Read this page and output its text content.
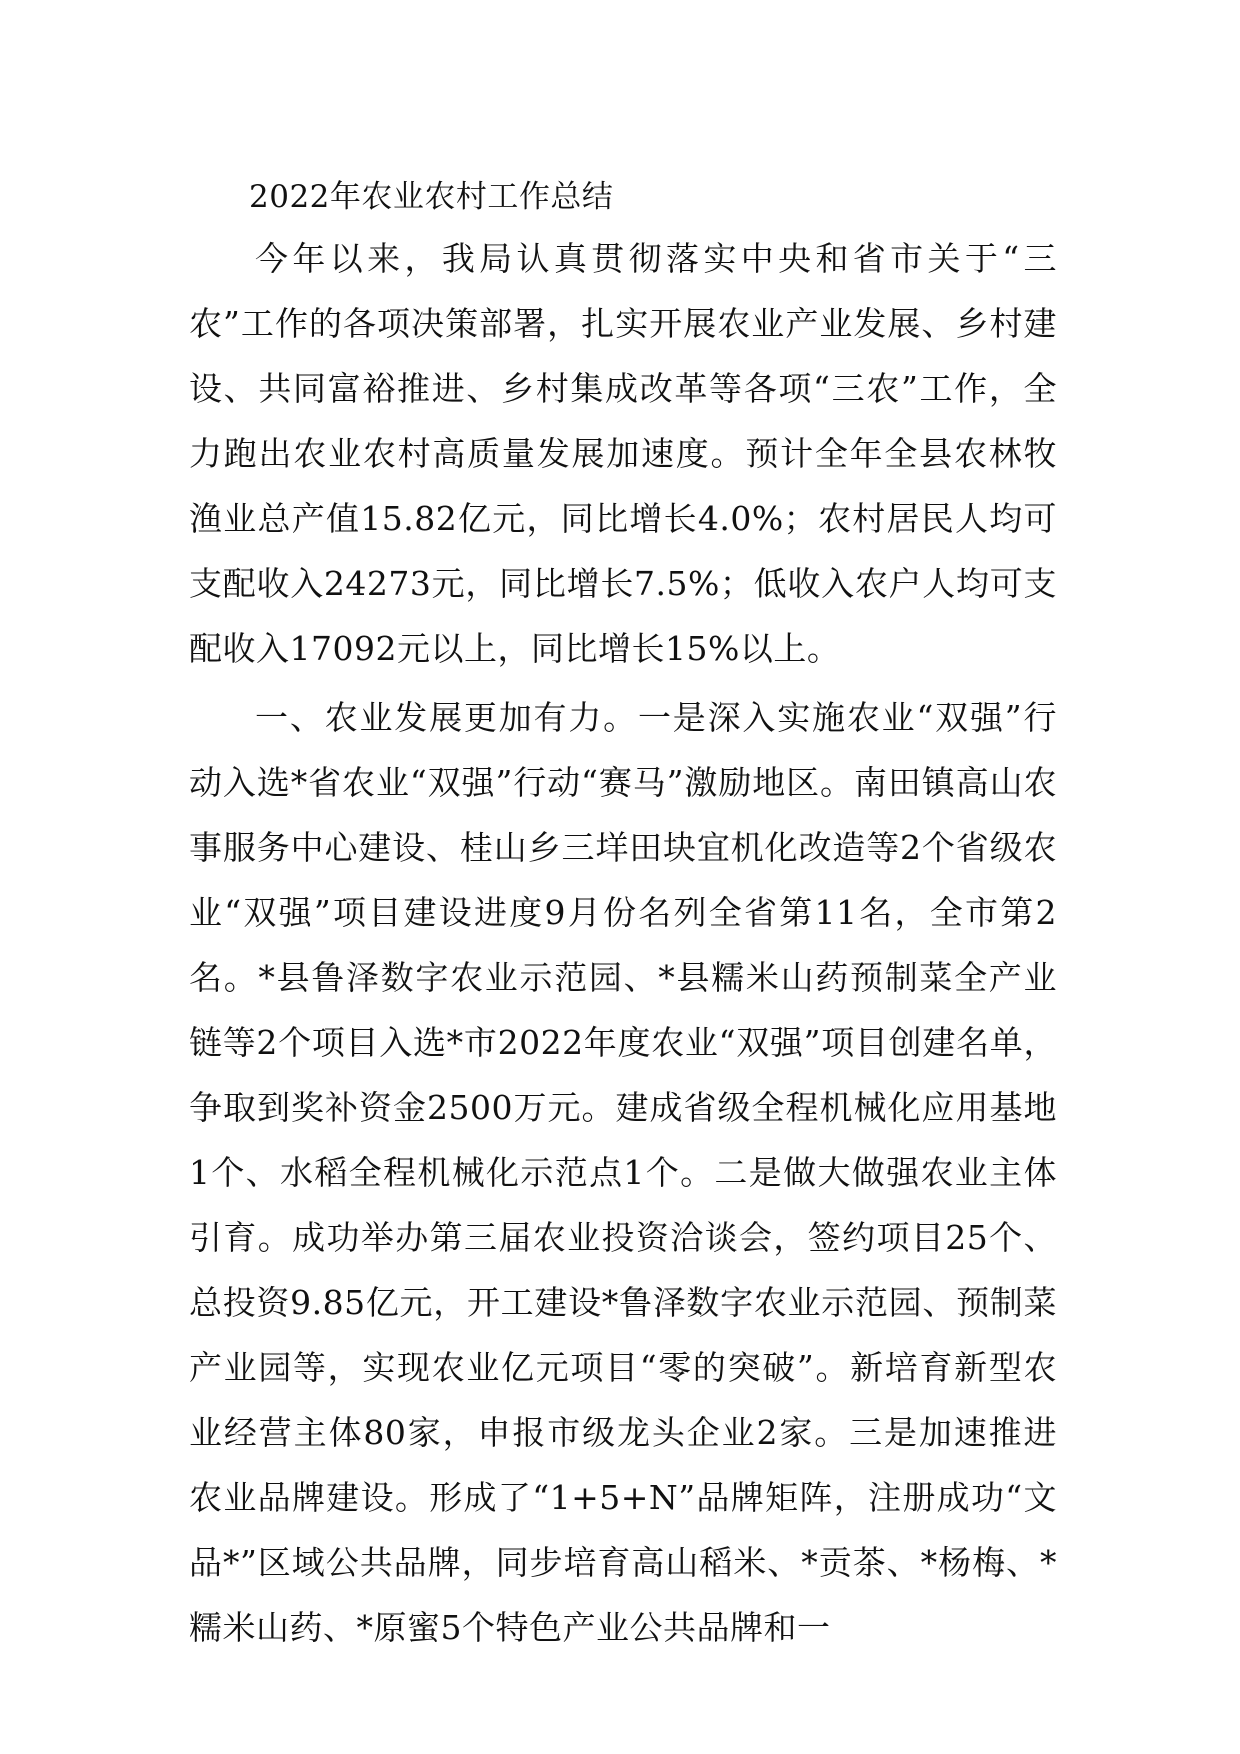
2022年农业农村工作总结

今年以来，我局认真贯彻落实中央和省市关于“三农”工作的各项决策部署，扎实开展农业产业发展、乡村建设、共同富裕推进、乡村集成改革等各项“三农”工作，全力跑出农业农村高质量发展加速度。预计全年全县农林牧渔业总产值15.82亿元，同比增长4.0%；农村居民人均可支配收入24273元，同比增长7.5%；低收入农户人均可支配收入17092元以上，同比增长15%以上。

一、农业发展更加有力。一是深入实施农业“双强”行动入选*省农业“双强”行动“赛马”激励地区。南田镇高山农事服务中心建设、桂山乡三垟田块宜机化改造等2个省级农业“双强”项目建设进度9月份名列全省第11名，全市第2名。*县鲁泽数字农业示范园、*县糯米山药预制菜全产业链等2个项目入选*市2022年度农业“双强”项目创建名单，争取到奖补资金2500万元。建成省级全程机械化应用基地1个、水稻全程机械化示范点1个。二是做大做强农业主体引育。成功举办第三届农业投资洽谈会，签约项目25个、总投资9.85亿元，开工建设*鲁泽数字农业示范园、预制菜产业园等，实现农业亿元项目“零的突破”。新培育新型农业经营主体80家，申报市级龙头企业2家。三是加速推进农业品牌建设。形成了“1+5+N”品牌矩阵，注册成功“文品*”区域公共品牌，同步培育高山稻米、*贡茶、*杨梅、*糯米山药、*原蜜5个特色产业公共品牌和一
